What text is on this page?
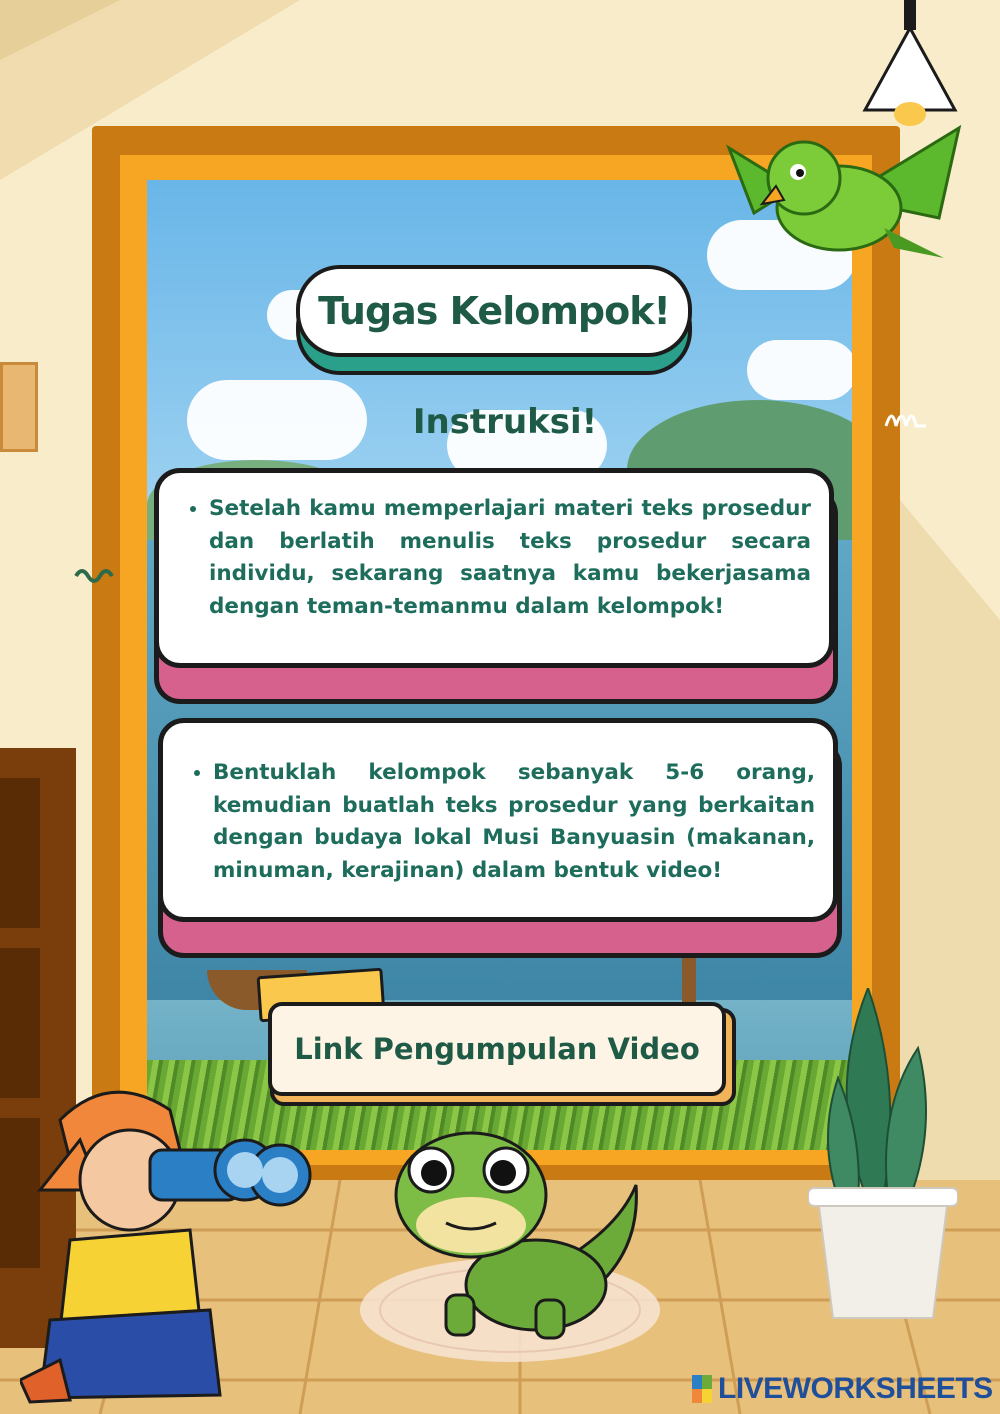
Tugas Kelompok!
Instruksi!
• Setelah kamu memperlajari materi teks prosedur dan berlatih menulis teks prosedur secara individu, sekarang saatnya kamu bekerjasama dengan teman-temanmu dalam kelompok!
• Bentuklah kelompok sebanyak 5-6 orang, kemudian buatlah teks prosedur yang berkaitan dengan budaya lokal Musi Banyuasin (makanan, minuman, kerajinan) dalam bentuk video!
Link Pengumpulan Video
LIVEWORKSHEETS
